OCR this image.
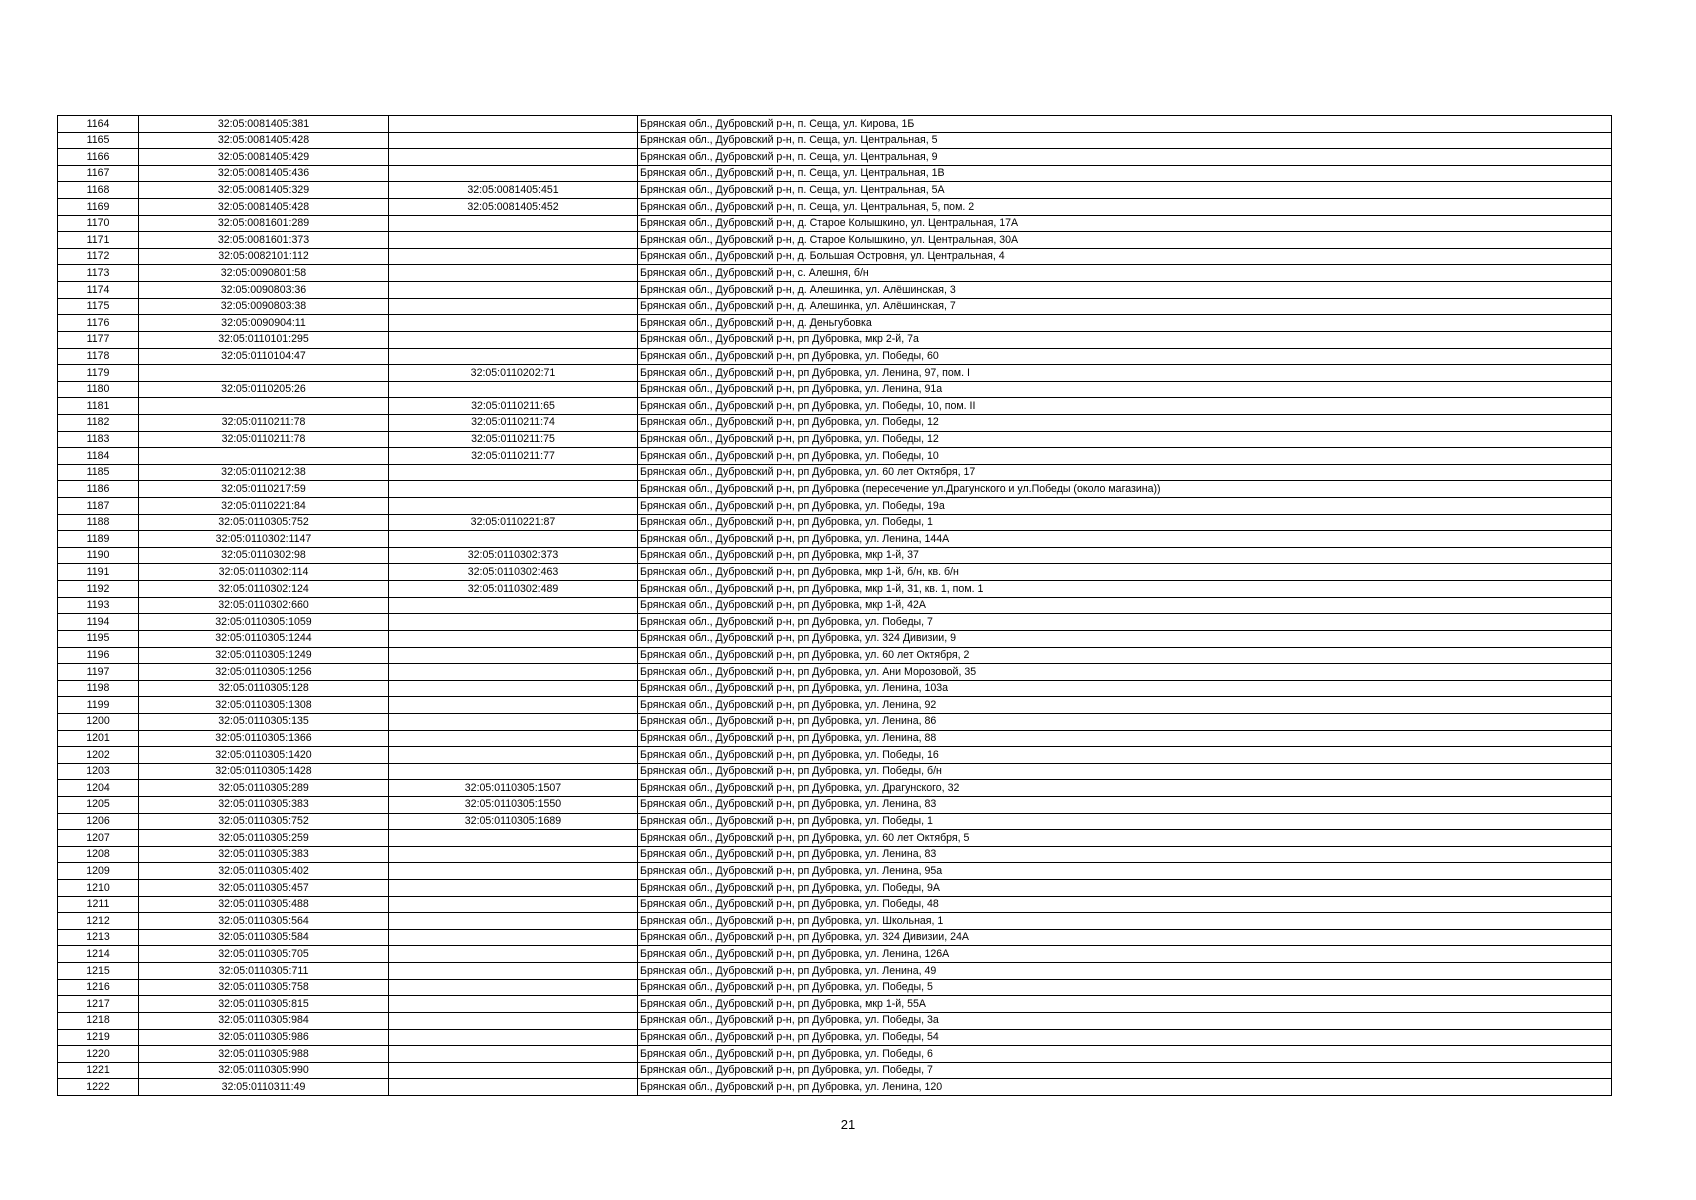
1164	32:05:0081405:381		Брянская обл., Дубровский р-н, п. Сеща, ул. Кирова, 1Б
1165	32:05:0081405:428		Брянская обл., Дубровский р-н, п. Сеща, ул. Центральная, 5
1166	32:05:0081405:429		Брянская обл., Дубровский р-н, п. Сеща, ул. Центральная, 9
1167	32:05:0081405:436		Брянская обл., Дубровский р-н, п. Сеща, ул. Центральная, 1В
1168	32:05:0081405:329	32:05:0081405:451	Брянская обл., Дубровский р-н, п. Сеща, ул. Центральная, 5А
1169	32:05:0081405:428	32:05:0081405:452	Брянская обл., Дубровский р-н, п. Сеща, ул. Центральная, 5, пом. 2
1170	32:05:0081601:289		Брянская обл., Дубровский р-н, д. Старое Колышкино, ул. Центральная, 17А
1171	32:05:0081601:373		Брянская обл., Дубровский р-н, д. Старое Колышкино, ул. Центральная, 30А
1172	32:05:0082101:112		Брянская обл., Дубровский р-н, д. Большая Островня, ул. Центральная, 4
1173	32:05:0090801:58		Брянская обл., Дубровский р-н, с. Алешня, б/н
1174	32:05:0090803:36		Брянская обл., Дубровский р-н, д. Алешинка, ул. Алёшинская, 3
1175	32:05:0090803:38		Брянская обл., Дубровский р-н, д. Алешинка, ул. Алёшинская, 7
1176	32:05:0090904:11		Брянская обл., Дубровский р-н, д. Деньгубовка
1177	32:05:0110101:295		Брянская обл., Дубровский р-н, рп Дубровка, мкр 2-й, 7а
1178	32:05:0110104:47		Брянская обл., Дубровский р-н, рп Дубровка, ул. Победы, 60
1179		32:05:0110202:71	Брянская обл., Дубровский р-н, рп Дубровка, ул. Ленина, 97, пом. I
1180	32:05:0110205:26		Брянская обл., Дубровский р-н, рп Дубровка, ул. Ленина, 91а
1181		32:05:0110211:65	Брянская обл., Дубровский р-н, рп Дубровка, ул. Победы, 10, пом. II
1182	32:05:0110211:78	32:05:0110211:74	Брянская обл., Дубровский р-н, рп Дубровка, ул. Победы, 12
1183	32:05:0110211:78	32:05:0110211:75	Брянская обл., Дубровский р-н, рп Дубровка, ул. Победы, 12
1184		32:05:0110211:77	Брянская обл., Дубровский р-н, рп Дубровка, ул. Победы, 10
1185	32:05:0110212:38		Брянская обл., Дубровский р-н, рп Дубровка, ул. 60 лет Октября, 17
1186	32:05:0110217:59		Брянская обл., Дубровский р-н, рп Дубровка (пересечение ул.Драгунского и ул.Победы (около магазина))
1187	32:05:0110221:84		Брянская обл., Дубровский р-н, рп Дубровка, ул. Победы, 19а
1188	32:05:0110305:752	32:05:0110221:87	Брянская обл., Дубровский р-н, рп Дубровка, ул. Победы, 1
1189	32:05:0110302:1147		Брянская обл., Дубровский р-н, рп Дубровка, ул. Ленина, 144А
1190	32:05:0110302:98	32:05:0110302:373	Брянская обл., Дубровский р-н, рп Дубровка, мкр 1-й, 37
1191	32:05:0110302:114	32:05:0110302:463	Брянская обл., Дубровский р-н, рп Дубровка, мкр 1-й, б/н, кв. б/н
1192	32:05:0110302:124	32:05:0110302:489	Брянская обл., Дубровский р-н, рп Дубровка, мкр 1-й, 31, кв. 1, пом. 1
1193	32:05:0110302:660		Брянская обл., Дубровский р-н, рп Дубровка, мкр 1-й, 42А
1194	32:05:0110305:1059		Брянская обл., Дубровский р-н, рп Дубровка, ул. Победы, 7
1195	32:05:0110305:1244		Брянская обл., Дубровский р-н, рп Дубровка, ул. 324 Дивизии, 9
1196	32:05:0110305:1249		Брянская обл., Дубровский р-н, рп Дубровка, ул. 60 лет Октября, 2
1197	32:05:0110305:1256		Брянская обл., Дубровский р-н, рп Дубровка, ул. Ани Морозовой, 35
1198	32:05:0110305:128		Брянская обл., Дубровский р-н, рп Дубровка, ул. Ленина, 103а
1199	32:05:0110305:1308		Брянская обл., Дубровский р-н, рп Дубровка, ул. Ленина, 92
1200	32:05:0110305:135		Брянская обл., Дубровский р-н, рп Дубровка, ул. Ленина, 86
1201	32:05:0110305:1366		Брянская обл., Дубровский р-н, рп Дубровка, ул. Ленина, 88
1202	32:05:0110305:1420		Брянская обл., Дубровский р-н, рп Дубровка, ул. Победы, 16
1203	32:05:0110305:1428		Брянская обл., Дубровский р-н, рп Дубровка, ул. Победы, б/н
1204	32:05:0110305:289	32:05:0110305:1507	Брянская обл., Дубровский р-н, рп Дубровка, ул. Драгунского, 32
1205	32:05:0110305:383	32:05:0110305:1550	Брянская обл., Дубровский р-н, рп Дубровка, ул. Ленина, 83
1206	32:05:0110305:752	32:05:0110305:1689	Брянская обл., Дубровский р-н, рп Дубровка, ул. Победы, 1
1207	32:05:0110305:259		Брянская обл., Дубровский р-н, рп Дубровка, ул. 60 лет Октября, 5
1208	32:05:0110305:383		Брянская обл., Дубровский р-н, рп Дубровка, ул. Ленина, 83
1209	32:05:0110305:402		Брянская обл., Дубровский р-н, рп Дубровка, ул. Ленина, 95а
1210	32:05:0110305:457		Брянская обл., Дубровский р-н, рп Дубровка, ул. Победы, 9А
1211	32:05:0110305:488		Брянская обл., Дубровский р-н, рп Дубровка, ул. Победы, 48
1212	32:05:0110305:564		Брянская обл., Дубровский р-н, рп Дубровка, ул. Школьная, 1
1213	32:05:0110305:584		Брянская обл., Дубровский р-н, рп Дубровка, ул. 324 Дивизии, 24А
1214	32:05:0110305:705		Брянская обл., Дубровский р-н, рп Дубровка, ул. Ленина, 126А
1215	32:05:0110305:711		Брянская обл., Дубровский р-н, рп Дубровка, ул. Ленина, 49
1216	32:05:0110305:758		Брянская обл., Дубровский р-н, рп Дубровка, ул. Победы, 5
1217	32:05:0110305:815		Брянская обл., Дубровский р-н, рп Дубровка, мкр 1-й, 55А
1218	32:05:0110305:984		Брянская обл., Дубровский р-н, рп Дубровка, ул. Победы, 3а
1219	32:05:0110305:986		Брянская обл., Дубровский р-н, рп Дубровка, ул. Победы, 54
1220	32:05:0110305:988		Брянская обл., Дубровский р-н, рп Дубровка, ул. Победы, 6
1221	32:05:0110305:990		Брянская обл., Дубровский р-н, рп Дубровка, ул. Победы, 7
1222	32:05:0110311:49		Брянская обл., Дубровский р-н, рп Дубровка, ул. Ленина, 120
21
